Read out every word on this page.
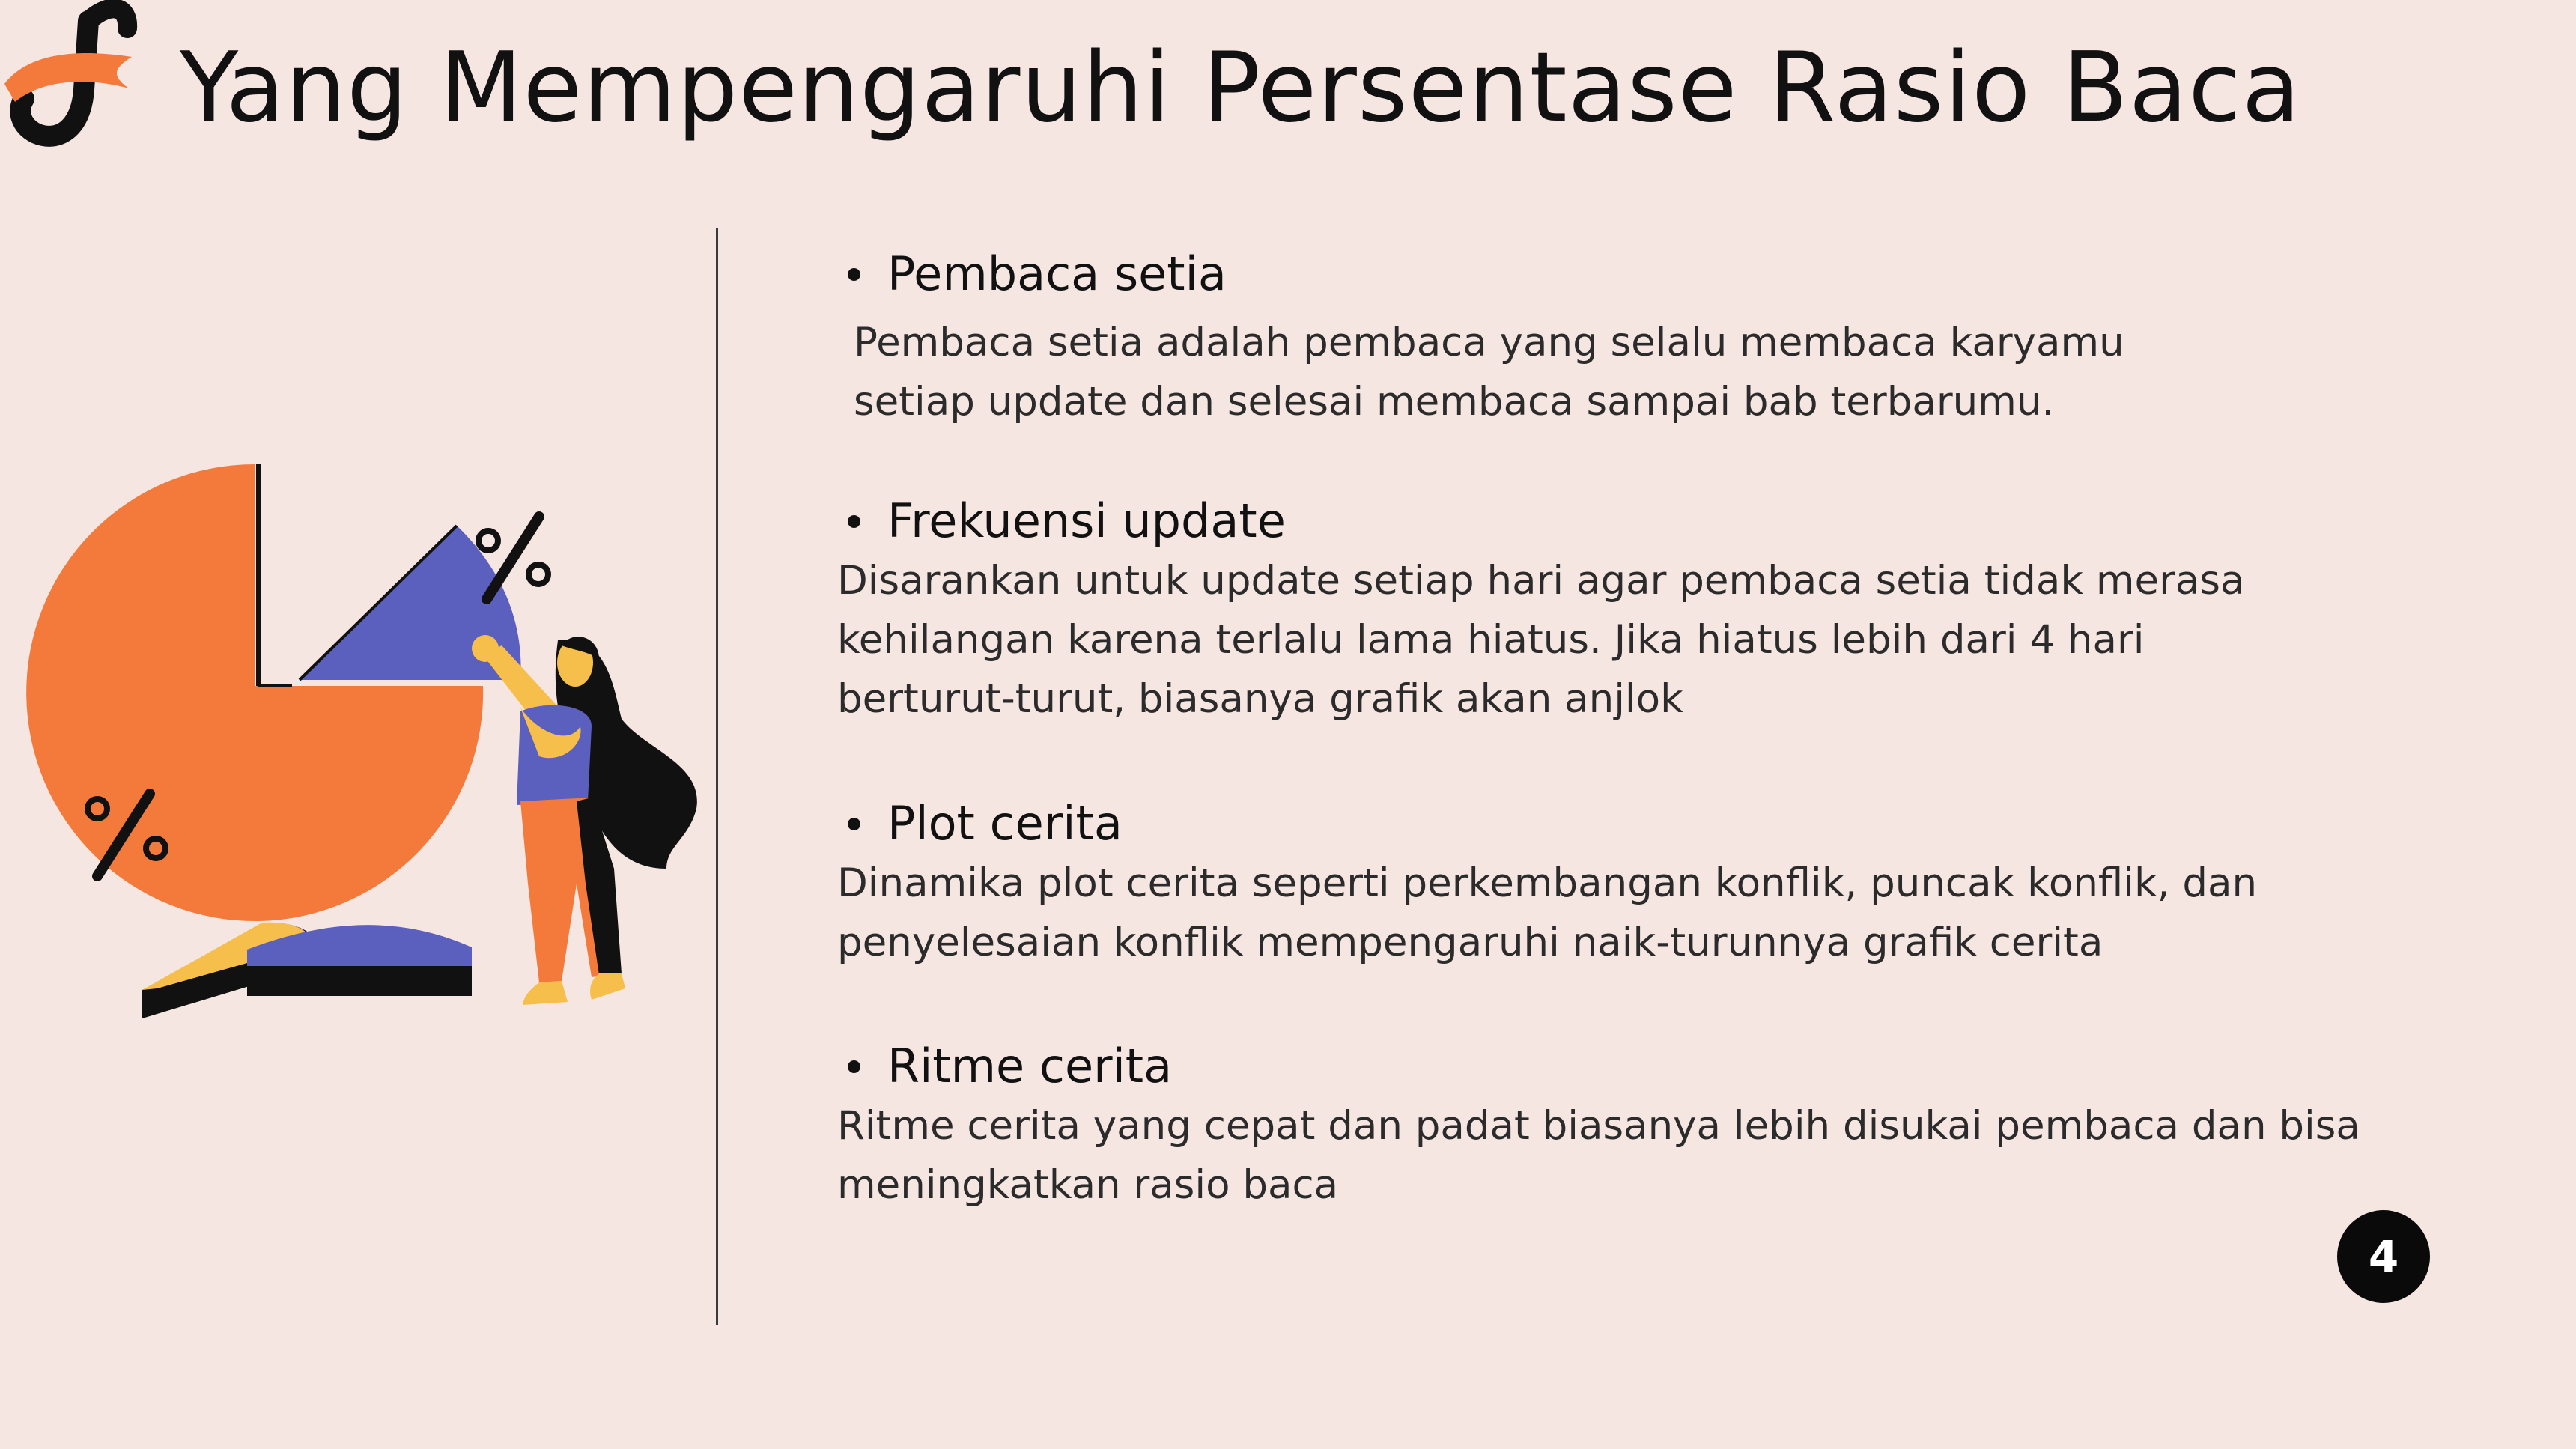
Yang Mempengaruhi Persentase Rasio Baca
Pembaca setia

Pembaca setia adalah pembaca yang selalu membaca karyamu
setiap update dan selesai membaca sampai bab terbarumu.

Frekuensi update

Disarankan untuk update setiap hari agar pembaca setia tidak merasa
kehilangan karena terlalu lama hiatus. Jika hiatus lebih dari 4 hari
berturut-turut, biasanya grafik akan anjlok

Plot cerita

Dinamika plot cerita seperti perkembangan konflik, puncak konflik, dan
penyelesaian konflik mempengaruhi naik-turunnya grafik cerita

Ritme cerita

Ritme cerita yang cepat dan padat biasanya lebih disukai pembaca dan bisa
meningkatkan rasio baca

4
